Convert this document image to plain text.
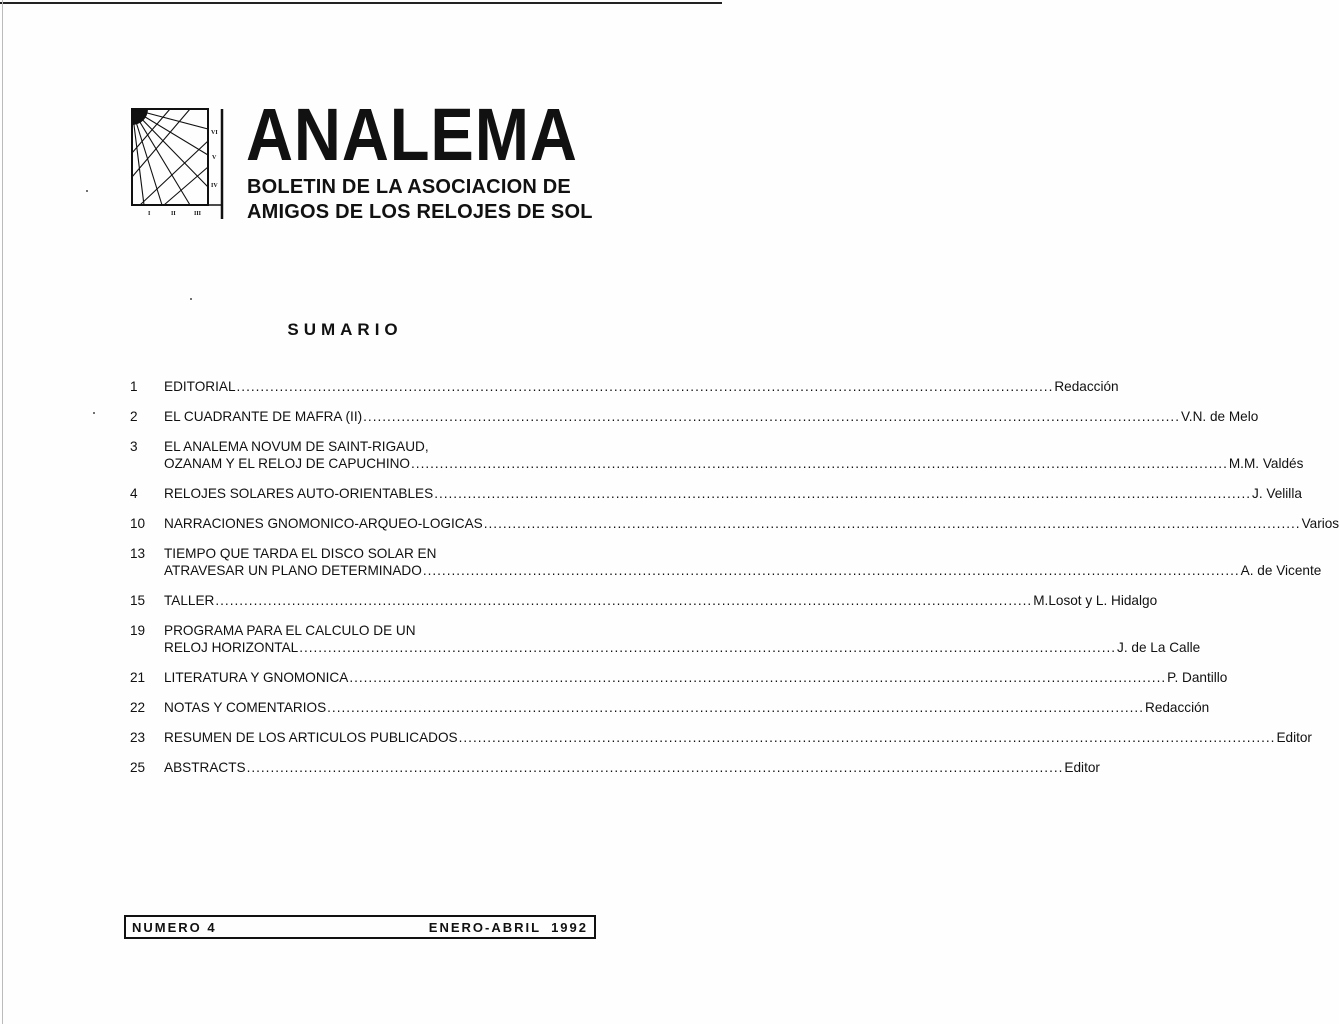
VI
V
IV
I	II	III
ANALEMA
BOLETIN DE LA ASOCIACION DE
AMIGOS DE LOS RELOJES DE SOL
SUMARIO
1	EDITORIAL .....	Redacción
2	EL CUADRANTE DE MAFRA (II) .....	V.N. de Melo
3	EL ANALEMA NOVUM DE SAINT-RIGAUD,
OZANAM Y EL RELOJ DE CAPUCHINO .....	M.M. Valdés
4	RELOJES SOLARES AUTO-ORIENTABLES .....	J. Velilla
10	NARRACIONES GNOMONICO-ARQUEO-LOGICAS .....	Varios
13	TIEMPO QUE TARDA EL DISCO SOLAR EN
ATRAVESAR UN PLANO DETERMINADO .....	A. de Vicente
15	TALLER .....	M.Losot y L. Hidalgo
19	PROGRAMA PARA EL CALCULO DE UN
RELOJ HORIZONTAL .....	J. de La Calle
21	LITERATURA Y GNOMONICA .....	P. Dantillo
22	NOTAS Y COMENTARIOS .....	Redacción
23	RESUMEN DE LOS ARTICULOS PUBLICADOS .....	Editor
25	ABSTRACTS .....	Editor
NUMERO 4	ENERO-ABRIL 1992
